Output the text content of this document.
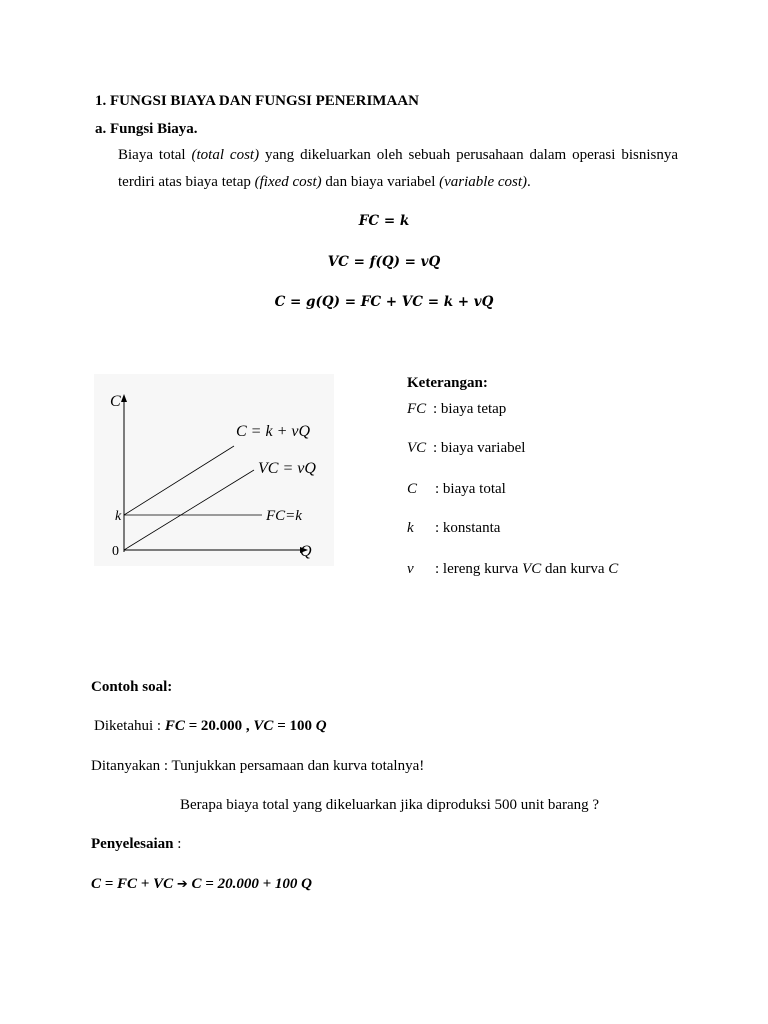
1. FUNGSI BIAYA DAN FUNGSI PENERIMAAN
a. Fungsi Biaya.
Biaya total (total cost) yang dikeluarkan oleh sebuah perusahaan dalam operasi bisnisnya
terdiri atas biaya tetap (fixed cost) dan biaya variabel (variable cost).
𝑭𝑪 = 𝒌
𝑽𝑪 = 𝒇(𝑸) = 𝒗𝑸
𝑪 = 𝒈(𝑸) = 𝑭𝑪 + 𝑽𝑪 = 𝒌 + 𝒗𝑸
C
Q
0
k
C = k + vQ
VC = vQ
FC=k
Keterangan:
FC : biaya tetap
VC : biaya variabel
C : biaya total
k : konstanta
v : lereng kurva VC dan kurva C
Contoh soal:
Diketahui : FC = 20.000 , VC = 100 Q
Ditanyakan : Tunjukkan persamaan dan kurva totalnya!
Berapa biaya total yang dikeluarkan jika diproduksi 500 unit barang ?
Penyelesaian :
C = FC + VC ➔ C = 20.000 + 100 Q
